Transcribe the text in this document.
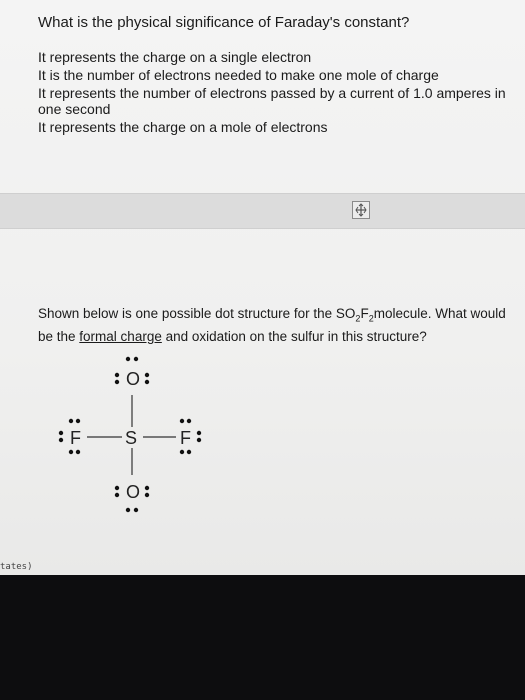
What is the physical significance of Faraday's constant?
It represents the charge on a single electron
It is the number of electrons needed to make one mole of charge
It represents the number of electrons passed by a current of 1.0 amperes in one second
It represents the charge on a mole of electrons

Shown below is one possible dot structure for the $SO_2F_2molecule$. What would be the formal charge and oxidation on the sulfur in this structure?

O
S
F	F
O
tates)
